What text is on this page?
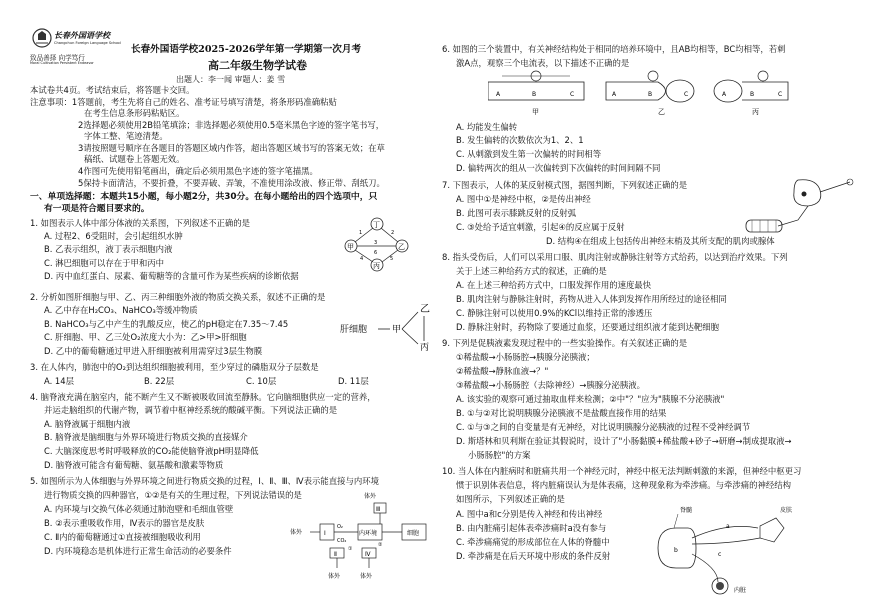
长春外国语学校
Changchun Foreign Language School
致品善择 向学笃行
Moral Cultivation Persistent Endeavor
长春外国语学校2025-2026学年第一学期第一次月考
高二年级生物学试卷
出题人：李一闻 审题人：姜 雪
本试卷共4页。考试结束后，将答题卡交回。
注意事项：1答题前，考生先将自己的姓名、准考证号填写清楚，将条形码准确粘贴
在考生信息条形码粘贴区。
2选择题必须使用2B铅笔填涂；非选择题必须使用0.5毫米黑色字迹的签字笔书写，
字体工整、笔迹清楚。
3请按照题号顺序在各题目的答题区域内作答，超出答题区域书写的答案无效；在草
稿纸、试题卷上答题无效。
4作图可先使用铅笔画出，确定后必须用黑色字迹的签字笔描黑。
5保持卡面清洁，不要折叠，不要弄破、弄皱，不准使用涂改液、修正带、刮纸刀。
一、单项选择题：本题共15小题，每小题2分，共30分。在每小题给出的四个选项中，只
有一项是符合题目要求的。
1. 如图表示人体中部分体液的关系图，下列叙述不正确的是
A. 过程2、6受阻时，会引起组织水肿
B. 乙表示组织，液丁表示细胞内液
C. 淋巴细胞可以存在于甲和丙中
D. 丙中血红蛋白、尿素、葡萄糖等的含量可作为某些疾病的诊断依据
丁
甲	乙
丙
1	2
3
4	5
6
2. 分析如图肝细胞与甲、乙、丙三种细胞外液的物质交换关系，叙述不正确的是
A. 乙中存在H₂CO₃、NaHCO₃等缓冲物质
B. NaHCO₃与乙中产生的乳酸反应，使乙的pH稳定在7.35～7.45
C. 肝细胞、甲、乙三处O₂浓度大小为：乙>甲>肝细胞
D. 乙中的葡萄糖通过甲进入肝细胞被利用需穿过3层生物膜
肝细胞	甲
乙
丙
3. 在人体内，肺泡中的O₂到达组织细胞被利用，至少穿过的磷脂双分子层数是
A. 14层	B. 22层	C. 10层	D. 11层
4. 脑脊液充满在脑室内，能不断产生又不断被吸收回流至静脉。它向脑细胞供应一定的营养，
并运走脑组织的代谢产物，调节着中枢神经系统的酸碱平衡。下列说法正确的是
A. 脑脊液属于细胞内液
B. 脑脊液是脑细胞与外界环境进行物质交换的直接媒介
C. 大脑深度思考时呼吸释放的CO₂能使脑脊液pH明显降低
D. 脑脊液可能含有葡萄糖、氨基酸和激素等物质
5. 如图所示为人体细胞与外界环境之间进行物质交换的过程，Ⅰ、Ⅱ、Ⅲ、Ⅳ表示能直接与内环境
进行物质交换的四种器官，①②是有关的生理过程，下列说法错误的是
A. 内环境与Ⅰ交换气体必须通过肺泡壁和毛细血管壁
B. ②表示重吸收作用，Ⅳ表示的器官是皮肤
C. Ⅱ内的葡萄糖通过①直接被细胞吸收利用
D. 内环境稳态是机体进行正常生命活动的必要条件
体外
Ⅲ
体外	Ⅰ
O₂
CO₂
内环境	细胞
Ⅱ	Ⅳ
①
②
体外	体外
6. 如图的三个装置中，有关神经结构处于相同的培养环境中，且AB均相等，BC均相等，若刺
激A点，观察三个电流表，以下描述不正确的是
A	B	C
甲
A	B	C
乙
A	B	C
丙
A. 均能发生偏转
B. 发生偏转的次数依次为1、2、1
C. 从刺激到发生第一次偏转的时间相等
D. 偏转两次的组从一次偏转到下次偏转的时间间隔不同
7. 下图表示，人体的某反射模式图，据图判断，下列叙述正确的是
A. 图中①是神经中枢，②是传出神经
B. 此图可表示膝跳反射的反射弧
C. ③处给予适宜刺激，引起④的反应属于反射
D. 结构④在组成上包括传出神经末梢及其所支配的肌肉或腺体
8. 指头受伤后，人们可以采用口服、肌肉注射或静脉注射等方式给药，以达到治疗效果。下列
关于上述三种给药方式的叙述，正确的是
A. 在上述三种给药方式中，口服发挥作用的速度最快
B. 肌肉注射与静脉注射时，药物从进入人体到发挥作用所经过的途径相同
C. 静脉注射可以使用0.9%的KCl以维持正常的渗透压
D. 静脉注射时，药物除了要通过血浆，还要通过组织液才能到达靶细胞
9. 下列是促胰液素发现过程中的一些实验操作。有关叙述正确的是
①稀盐酸→小肠肠腔→胰腺分泌胰液；
②稀盐酸→静脉血液→？"
③稀盐酸→小肠肠腔（去除神经）→胰腺分泌胰液。
A. 该实验的观察可通过抽取血样来检测；②中"？"应为"胰腺不分泌胰液"
B. ①与②对比说明胰腺分泌胰液不是盐酸直接作用的结果
C. ①与③之间的自变量是有无神经，对比说明胰腺分泌胰液的过程不受神经调节
D. 斯塔林和贝利斯在验证其假说时，设计了"小肠黏膜+稀盐酸+砂子→研磨→制成提取液→
小肠肠腔"的方案
10. 当人体在内脏病时和脏痛共用一个神经元时，神经中枢无法判断刺激的来源，但神经中枢更习
惯于识别体表信息，将内脏痛误认为是体表痛，这种现象称为牵涉痛。与牵涉痛的神经结构
如图所示，下列叙述正确的是
A. 图中a和c分别是传入神经和传出神经
B. 由内脏痛引起体表牵涉痛时a没有参与
C. 牵涉痛痛觉的形成部位在人体的脊髓中
D. 牵涉痛是在后天环境中形成的条件反射
脊髓
a
b
c
皮肤
内脏
